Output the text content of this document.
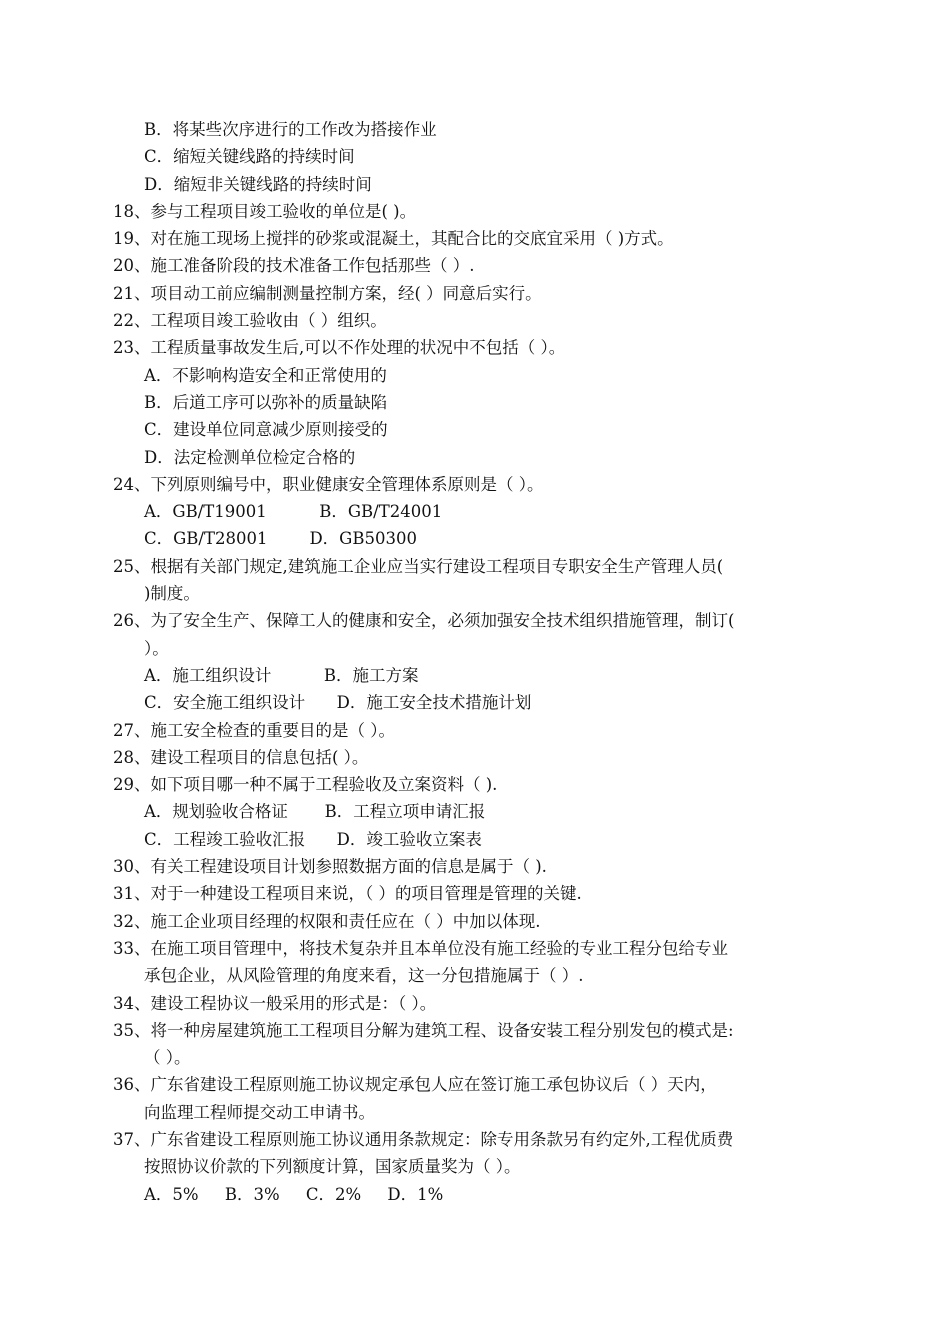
B．将某些次序进行的工作改为搭接作业
C．缩短关键线路的持续时间
D．缩短非关键线路的持续时间
18、参与工程项目竣工验收的单位是( )。
19、对在施工现场上搅拌的砂浆或混凝土，其配合比的交底宜采用（ )方式。
20、施工准备阶段的技术准备工作包括那些（ ）.
21、项目动工前应编制测量控制方案，经( ）同意后实行。
22、工程项目竣工验收由（ ）组织。
23、工程质量事故发生后,可以不作处理的状况中不包括（ ）。
A．不影响构造安全和正常使用的
B．后道工序可以弥补的质量缺陷
C．建设单位同意减少原则接受的
D．法定检测单位检定合格的
24、下列原则编号中，职业健康安全管理体系原则是（ ）。
A．GB/T19001          B．GB/T24001
C．GB/T28001        D．GB50300
25、根据有关部门规定,建筑施工企业应当实行建设工程项目专职安全生产管理人员(
)制度。
26、为了安全生产、保障工人的健康和安全，必须加强安全技术组织措施管理，制订(
）。
A．施工组织设计          B．施工方案
C．安全施工组织设计      D．施工安全技术措施计划
27、施工安全检查的重要目的是（ ）。
28、建设工程项目的信息包括( ）。
29、如下项目哪一种不属于工程验收及立案资料（ ).
A．规划验收合格证       B．工程立项申请汇报
C．工程竣工验收汇报      D．竣工验收立案表
30、有关工程建设项目计划参照数据方面的信息是属于（ ).
31、对于一种建设工程项目来说，（ ）的项目管理是管理的关键.
32、施工企业项目经理的权限和责任应在（ ）中加以体现.
33、在施工项目管理中，将技术复杂并且本单位没有施工经验的专业工程分包给专业
承包企业，从风险管理的角度来看，这一分包措施属于（ ）.
34、建设工程协议一般采用的形式是：（ ）。
35、将一种房屋建筑施工工程项目分解为建筑工程、设备安装工程分别发包的模式是:
（ ）。
36、广东省建设工程原则施工协议规定承包人应在签订施工承包协议后（ ）天内，
向监理工程师提交动工申请书。
37、广东省建设工程原则施工协议通用条款规定：除专用条款另有约定外,工程优质费
按照协议价款的下列额度计算，国家质量奖为（ ）。
A．5%     B．3%     C．2%     D．1%
